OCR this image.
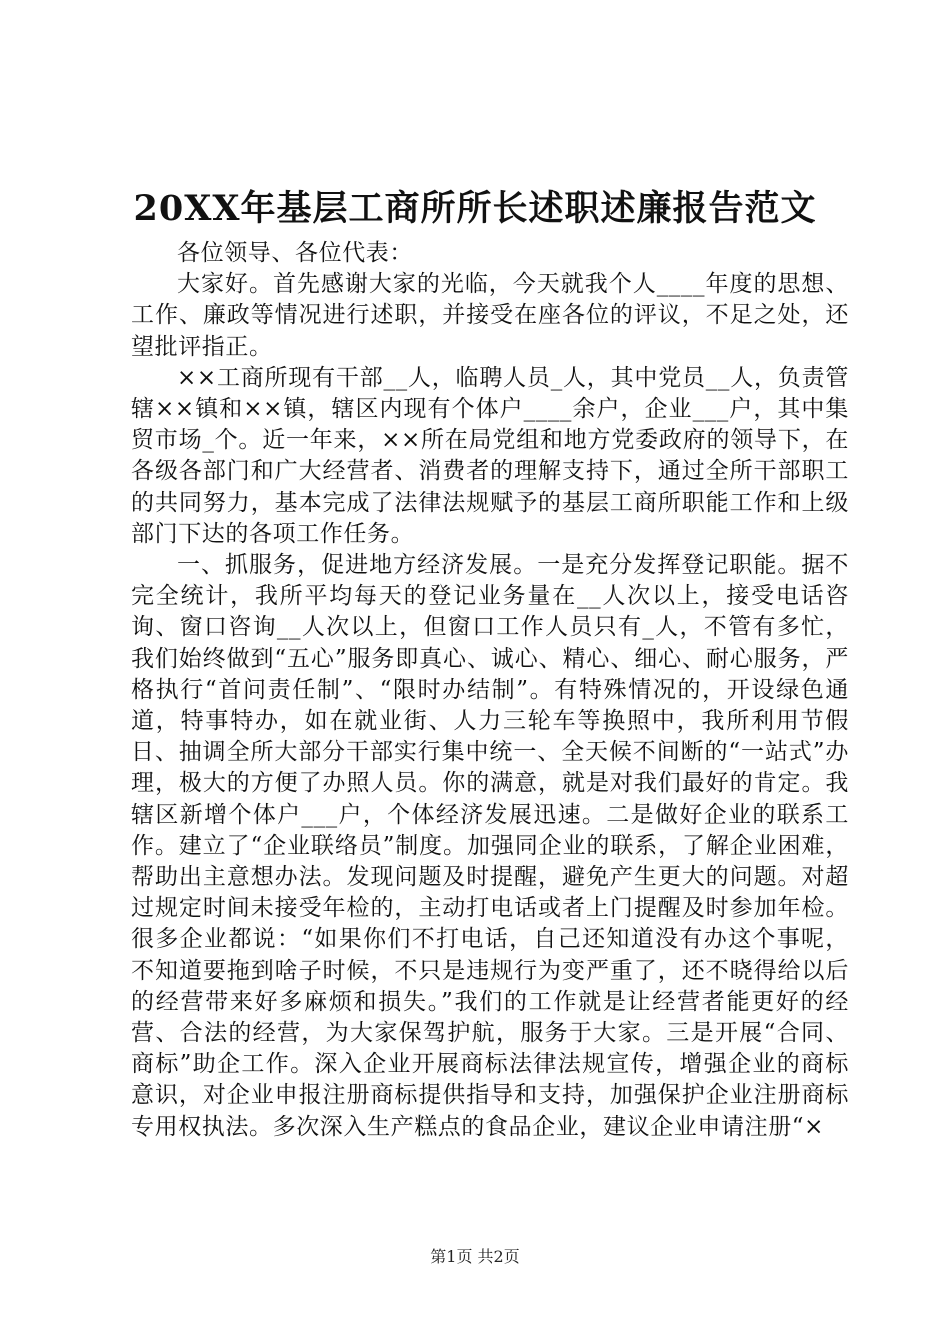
20XX年基层工商所所长述职述廉报告范文

各位领导、各位代表：

大家好。首先感谢大家的光临，今天就我个人____年度的思想、工作、廉政等情况进行述职，并接受在座各位的评议，不足之处，还望批评指正。

××工商所现有干部__人，临聘人员_人，其中党员__人，负责管辖××镇和××镇，辖区内现有个体户____余户，企业___户，其中集贸市场_个。近一年来，××所在局党组和地方党委政府的领导下，在各级各部门和广大经营者、消费者的理解支持下，通过全所干部职工的共同努力，基本完成了法律法规赋予的基层工商所职能工作和上级部门下达的各项工作任务。

一、抓服务，促进地方经济发展。一是充分发挥登记职能。据不完全统计，我所平均每天的登记业务量在__人次以上，接受电话咨询、窗口咨询__人次以上，但窗口工作人员只有_人，不管有多忙，我们始终做到“五心”服务即真心、诚心、精心、细心、耐心服务，严格执行“首问责任制”、“限时办结制”。有特殊情况的，开设绿色通道，特事特办，如在就业街、人力三轮车等换照中，我所利用节假日、抽调全所大部分干部实行集中统一、全天候不间断的“一站式”办理，极大的方便了办照人员。你的满意，就是对我们最好的肯定。我辖区新增个体户___户，个体经济发展迅速。二是做好企业的联系工作。建立了“企业联络员”制度。加强同企业的联系，了解企业困难，帮助出主意想办法。发现问题及时提醒，避免产生更大的问题。对超过规定时间未接受年检的，主动打电话或者上门提醒及时参加年检。很多企业都说：“如果你们不打电话，自己还知道没有办这个事呢，不知道要拖到啥子时候，不只是违规行为变严重了，还不晓得给以后的经营带来好多麻烦和损失。”我们的工作就是让经营者能更好的经营、合法的经营，为大家保驾护航，服务于大家。三是开展“合同、商标”助企工作。深入企业开展商标法律法规宣传，增强企业的商标意识，对企业申报注册商标提供指导和支持，加强保护企业注册商标专用权执法。多次深入生产糕点的食品企业，建议企业申请注册“×

第1页 共2页
